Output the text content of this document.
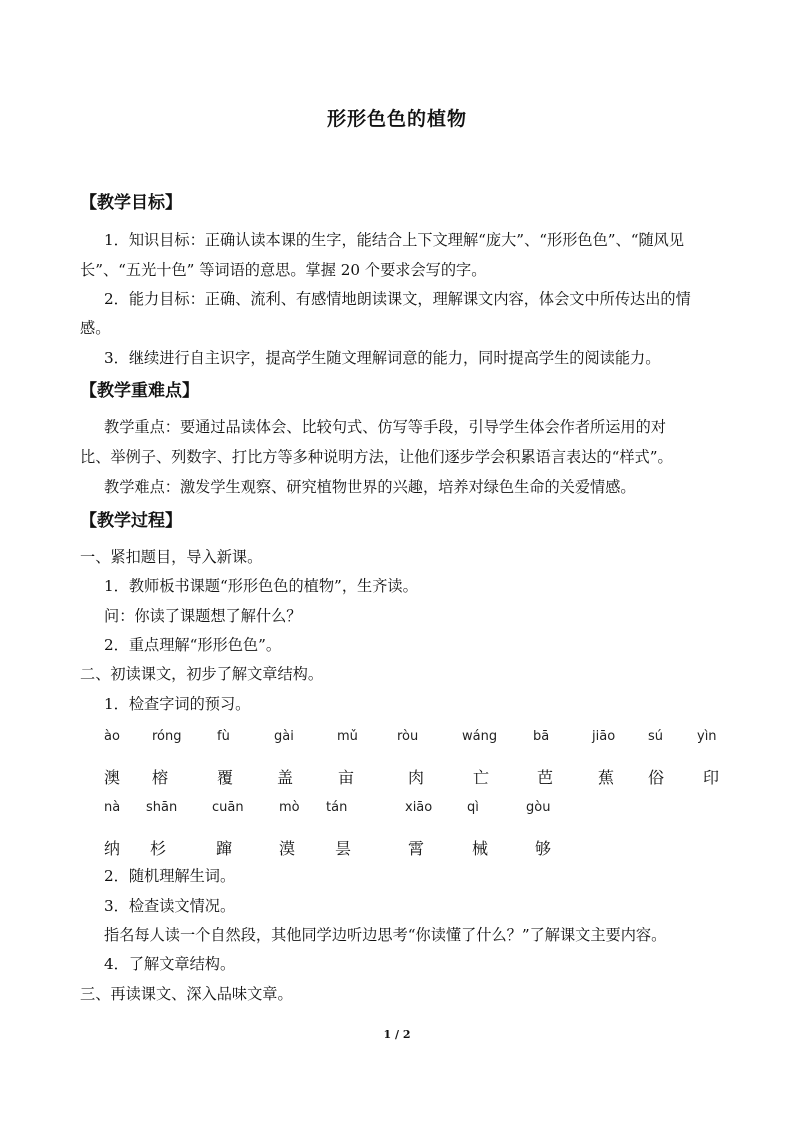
形形色色的植物
【教学目标】
1．知识目标：正确认读本课的生字，能结合上下文理解“庞大”、“形形色色”、“随风见
长”、“五光十色” 等词语的意思。掌握 20 个要求会写的字。
2．能力目标：正确、流利、有感情地朗读课文，理解课文内容，体会文中所传达出的情
感。
3．继续进行自主识字，提高学生随文理解词意的能力，同时提高学生的阅读能力。
【教学重难点】
教学重点：要通过品读体会、比较句式、仿写等手段，引导学生体会作者所运用的对
比、举例子、列数字、打比方等多种说明方法，让他们逐步学会积累语言表达的“样式”。
教学难点：激发学生观察、研究植物世界的兴趣，培养对绿色生命的关爱情感。
【教学过程】
一、紧扣题目，导入新课。
1．教师板书课题“形形色色的植物”，生齐读。
问：你读了课题想了解什么？
2．重点理解“形形色色”。
二、初读课文，初步了解文章结构。
1．检查字词的预习。
ào róng	fù	gài	mǔ	ròu	wáng	bā	jiāo	sú	yìn
澳 榕	覆	盖	亩	肉	亡	芭	蕉 俗 印
nà shān	cuān	mò tán	xiāo	qì	gòu
纳 杉	蹿	漠 昙	霄	械	够
2．随机理解生词。
3．检查读文情况。
指名每人读一个自然段，其他同学边听边思考“你读懂了什么？”了解课文主要内容。
4．了解文章结构。
三、再读课文、深入品味文章。
1 / 2
